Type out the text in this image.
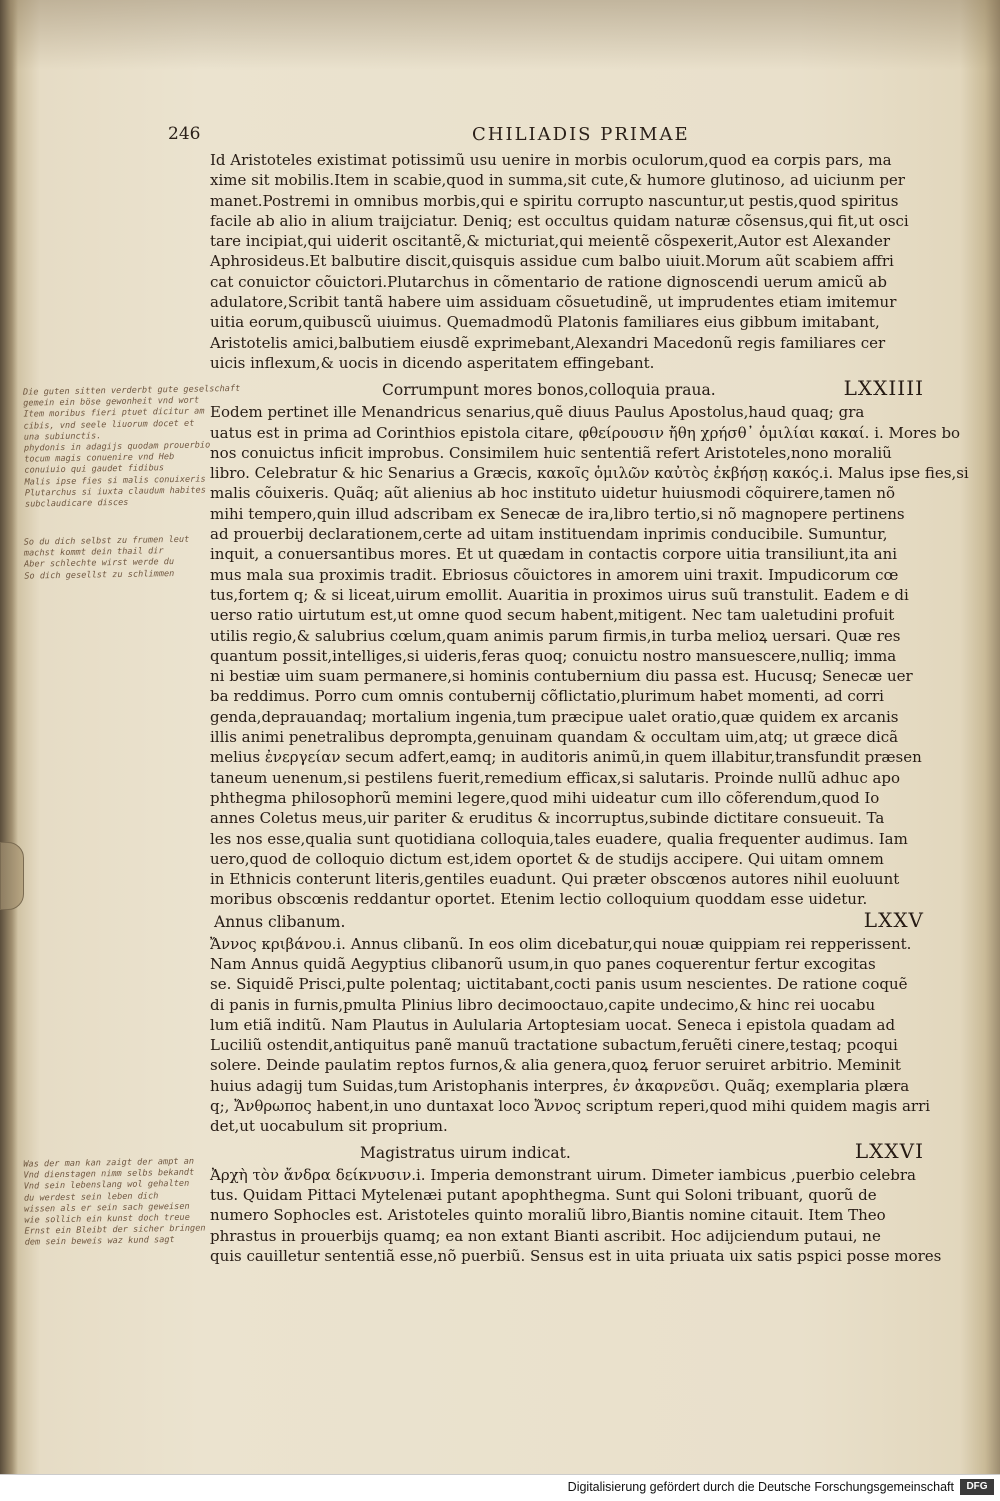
246	CHILIADIS PRIMAE
Die guten sitten verderbt gute geselschaft
gemein ein böse gewonheit vnd wort
Item moribus fieri ptuet dicitur am
cibis, vnd seele liuorum docet et
una subiunctis.
phydonis in adagijs quodam prouerbio
tocum magis conuenire vnd Heb
conuiuio qui gaudet fidibus
Malis ipse fies si malis conuixeris
Plutarchus si iuxta claudum habites
subclaudicare disces
So du dich selbst zu frumen leut
machst kommt dein thail dir
Aber schlechte wirst werde du
So dich gesellst zu schlimmen
Was der man kan zaigt der ampt an
Vnd dienstagen nimm selbs bekandt
Vnd sein lebenslang wol gehalten
du werdest sein leben dich
wissen als er sein sach geweisen
wie sollich ein kunst doch treue
Ernst ein Bleibt der sicher bringen
dem sein beweis waz kund sagt
Id Aristoteles existimat potissimũ usu uenire in morbis oculorum,quod ea corpis pars, ma
xime sit mobilis.Item in scabie,quod in summa,sit cute,& humore glutinoso, ad uiciunm per
manet.Postremi in omnibus morbis,qui e spiritu corrupto nascuntur,ut pestis,quod spiritus
facile ab alio in alium traijciatur. Deniq; est occultus quidam naturæ cõsensus,qui fit,ut osci
tare incipiat,qui uiderit oscitantẽ,& micturiat,qui meientẽ cõspexerit,Autor est Alexander
Aphrosideus.Et balbutire discit,quisquis assidue cum balbo uiuit.Morum aũt scabiem affri
cat conuictor cõuictori.Plutarchus in cõmentario de ratione dignoscendi uerum amicũ ab
adulatore,Scribit tantã habere uim assiduam cõsuetudinẽ, ut imprudentes etiam imitemur
uitia eorum,quibuscũ uiuimus. Quemadmodũ Platonis familiares eius gibbum imitabant,
Aristotelis amici,balbutiem eiusdẽ exprimebant,Alexandri Macedonũ regis familiares cer
uicis inflexum,& uocis in dicendo asperitatem effingebant.
Corrumpunt mores bonos,colloquia praua.	LXXIIII
Eodem pertinet ille Menandricus senarius,quẽ diuus Paulus Apostolus,haud quaq; gra
uatus est in prima ad Corinthios epistola citare, φθείρουσιν ἤθη χρήσθ᾽ ὁμιλίαι κακαί. i. Mores bo
nos conuictus inficit improbus. Consimilem huic sententiã refert Aristoteles,nono moraliũ
libro. Celebratur & hic Senarius a Græcis, κακοῖς ὁμιλῶν καὐτὸς ἐκβήσῃ κακός.i. Malus ipse fies,si
malis cõuixeris. Quãq; aũt alienius ab hoc instituto uidetur huiusmodi cõquirere,tamen nõ
mihi tempero,quin illud adscribam ex Senecæ de ira,libro tertio,si nõ magnopere pertinens
ad prouerbij declarationem,certe ad uitam instituendam inprimis conducibile. Sumuntur,
inquit, a conuersantibus mores. Et ut quædam in contactis corpore uitia transiliunt,ita ani
mus mala sua proximis tradit. Ebriosus cõuictores in amorem uini traxit. Impudicorum cœ
tus,fortem q; & si liceat,uirum emollit. Auaritia in proximos uirus suũ transtulit. Eadem e di
uerso ratio uirtutum est,ut omne quod secum habent,mitigent. Nec tam ualetudini profuit
utilis regio,& salubrius cœlum,quam animis parum firmis,in turba melioꝝ uersari. Quæ res
quantum possit,intelliges,si uideris,feras quoq; conuictu nostro mansuescere,nulliq; imma
ni bestiæ uim suam permanere,si hominis contubernium diu passa est. Hucusq; Senecæ uer
ba reddimus. Porro cum omnis contubernij cõflictatio,plurimum habet momenti, ad corri
genda,deprauandaq; mortalium ingenia,tum præcipue ualet oratio,quæ quidem ex arcanis
illis animi penetralibus deprompta,genuinam quandam & occultam uim,atq; ut græce dicã
melius ἐνεργείαν secum adfert,eamq; in auditoris animũ,in quem illabitur,transfundit præsen
taneum uenenum,si pestilens fuerit,remedium efficax,si salutaris. Proinde nullũ adhuc apo
phthegma philosophorũ memini legere,quod mihi uideatur cum illo cõferendum,quod Io
annes Coletus meus,uir pariter & eruditus & incorruptus,subinde dictitare consueuit. Ta
les nos esse,qualia sunt quotidiana colloquia,tales euadere, qualia frequenter audimus. Iam
uero,quod de colloquio dictum est,idem oportet & de studijs accipere. Qui uitam omnem
in Ethnicis conterunt literis,gentiles euadunt. Qui præter obscœnos autores nihil euoluunt
moribus obscœnis reddantur oportet. Etenim lectio colloquium quoddam esse uidetur.
Annus clibanum.	LXXV
Ἄννος κριβάνου.i. Annus clibanũ. In eos olim dicebatur,qui nouæ quippiam rei repperissent.
Nam Annus quidã Aegyptius clibanorũ usum,in quo panes coquerentur fertur excogitas
se. Siquidẽ Prisci,pulte polentaq; uictitabant,cocti panis usum nescientes. De ratione coquẽ
di panis in furnis,pmulta Plinius libro decimooctauo,capite undecimo,& hinc rei uocabu
lum etiã inditũ. Nam Plautus in Aulularia Artoptesiam uocat. Seneca i epistola quadam ad
Luciliũ ostendit,antiquitus panẽ manuũ tractatione subactum,feruẽti cinere,testaq; pcoqui
solere. Deinde paulatim reptos furnos,& alia genera,quoꝝ feruor seruiret arbitrio. Meminit
huius adagij tum Suidas,tum Aristophanis interpres, ἐν ἀκαρνεῦσι. Quãq; exemplaria plæra
q;, Ἄνθρωπος habent,in uno duntaxat loco Ἄννος scriptum reperi,quod mihi quidem magis arri
det,ut uocabulum sit proprium.
Magistratus uirum indicat.	LXXVI
Ἀρχὴ τὸν ἄνδρα δείκνυσιν.i. Imperia demonstrant uirum. Dimeter iambicus ,puerbio celebra
tus. Quidam Pittaci Mytelenæi putant apophthegma. Sunt qui Soloni tribuant, quorũ de
numero Sophocles est. Aristoteles quinto moraliũ libro,Biantis nomine citauit. Item Theo
phrastus in prouerbijs quamq; ea non extant Bianti ascribit. Hoc adijciendum putaui, ne
quis cauilletur sententiã esse,nõ puerbiũ. Sensus est in uita priuata uix satis pspici posse mores
Digitalisierung gefördert durch die Deutsche Forschungsgemeinschaft	DFG
